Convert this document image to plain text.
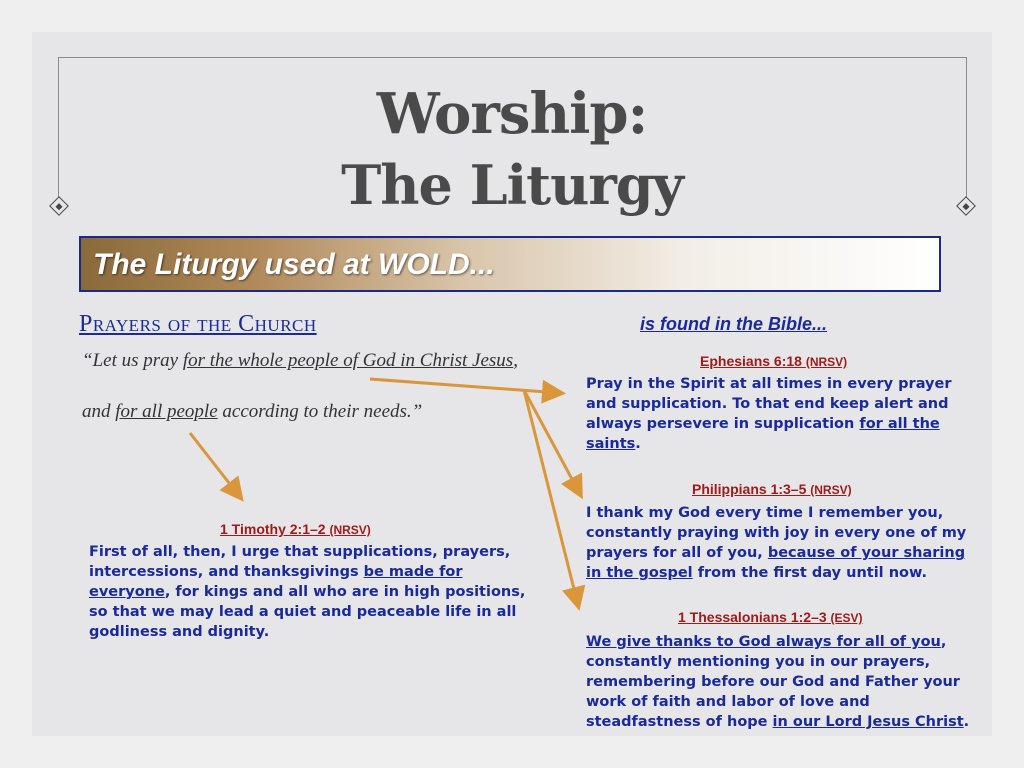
Worship:
The Liturgy
The Liturgy used at WOLD...
Prayers of the Church	is found in the Bible...
“Let us pray for the whole people of God in Christ Jesus,
and for all people according to their needs.”
1 Timothy 2:1–2 (NRSV)
First of all, then, I urge that supplications, prayers, intercessions, and thanksgivings be made for everyone, for kings and all who are in high positions, so that we may lead a quiet and peaceable life in all godliness and dignity.
Ephesians 6:18 (NRSV)
Pray in the Spirit at all times in every prayer and supplication. To that end keep alert and always persevere in supplication for all the saints.
Philippians 1:3–5 (NRSV)
I thank my God every time I remember you, constantly praying with joy in every one of my prayers for all of you, because of your sharing in the gospel from the first day until now.
1 Thessalonians 1:2–3 (ESV)
We give thanks to God always for all of you, constantly mentioning you in our prayers, remembering before our God and Father your work of faith and labor of love and steadfastness of hope in our Lord Jesus Christ.
